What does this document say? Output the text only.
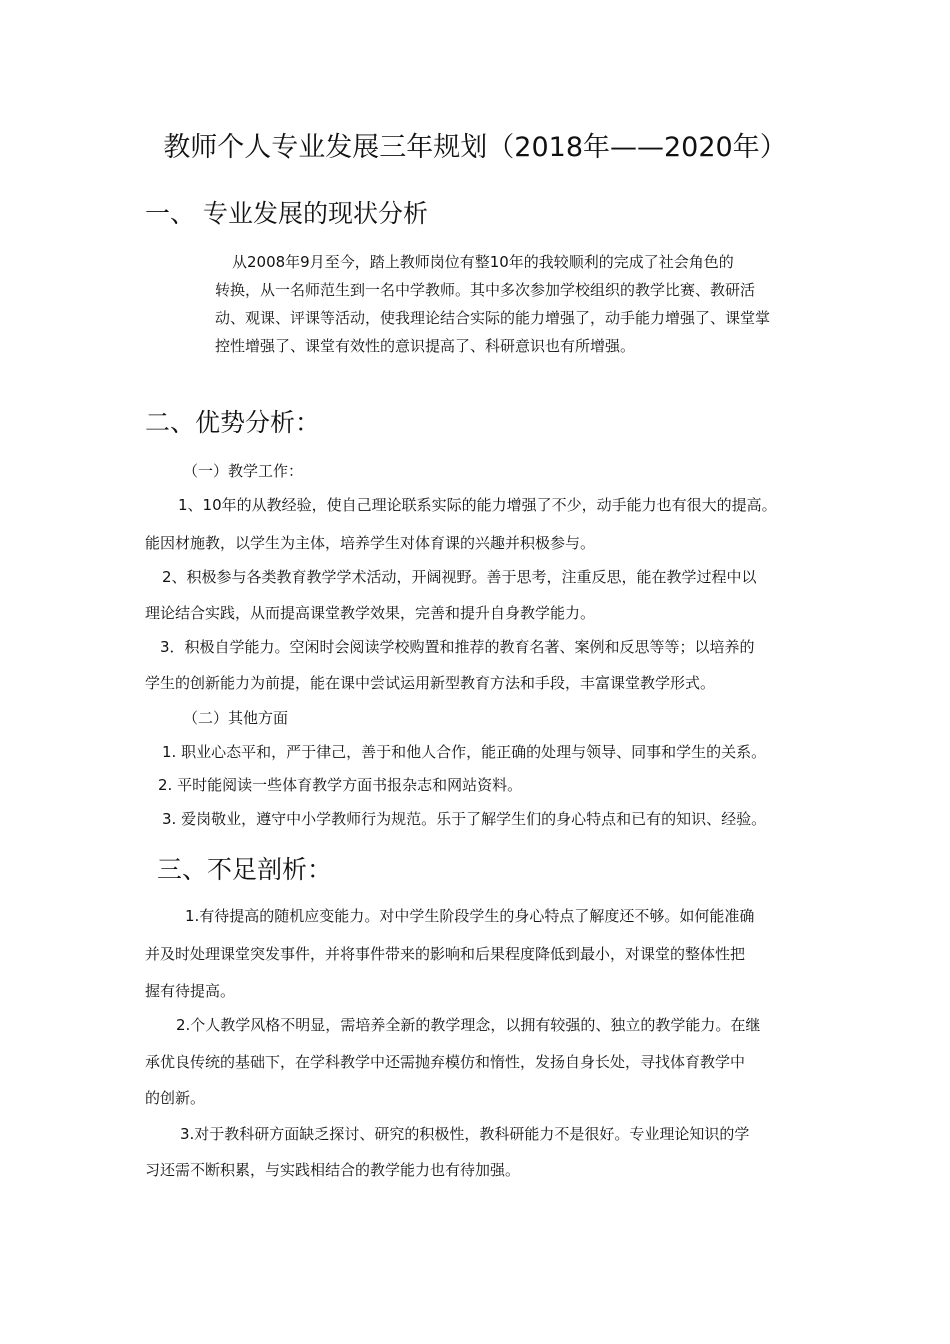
教师个人专业发展三年规划（2018年——2020年）
一、 专业发展的现状分析
从2008年9月至今，踏上教师岗位有整10年的我较顺利的完成了社会角色的
转换，从一名师范生到一名中学教师。其中多次参加学校组织的教学比赛、教研活
动、观课、评课等活动，使我理论结合实际的能力增强了，动手能力增强了、课堂掌
控性增强了、课堂有效性的意识提高了、科研意识也有所增强。
二、优势分析：
（一）教学工作：
1、10年的从教经验，使自己理论联系实际的能力增强了不少，动手能力也有很大的提高。
能因材施教，以学生为主体，培养学生对体育课的兴趣并积极参与。
2、积极参与各类教育教学学术活动，开阔视野。善于思考，注重反思，能在教学过程中以
理论结合实践，从而提高课堂教学效果，完善和提升自身教学能力。
3．积极自学能力。空闲时会阅读学校购置和推荐的教育名著、案例和反思等等；以培养的
学生的创新能力为前提，能在课中尝试运用新型教育方法和手段，丰富课堂教学形式。
（二）其他方面
1. 职业心态平和，严于律己，善于和他人合作，能正确的处理与领导、同事和学生的关系。
2. 平时能阅读一些体育教学方面书报杂志和网站资料。
3. 爱岗敬业，遵守中小学教师行为规范。乐于了解学生们的身心特点和已有的知识、经验。
三、不足剖析：
1.有待提高的随机应变能力。对中学生阶段学生的身心特点了解度还不够。如何能准确
并及时处理课堂突发事件，并将事件带来的影响和后果程度降低到最小，对课堂的整体性把
握有待提高。
2.个人教学风格不明显，需培养全新的教学理念，以拥有较强的、独立的教学能力。在继
承优良传统的基础下，在学科教学中还需抛弃模仿和惰性，发扬自身长处，寻找体育教学中
的创新。
3.对于教科研方面缺乏探讨、研究的积极性，教科研能力不是很好。专业理论知识的学
习还需不断积累，与实践相结合的教学能力也有待加强。
